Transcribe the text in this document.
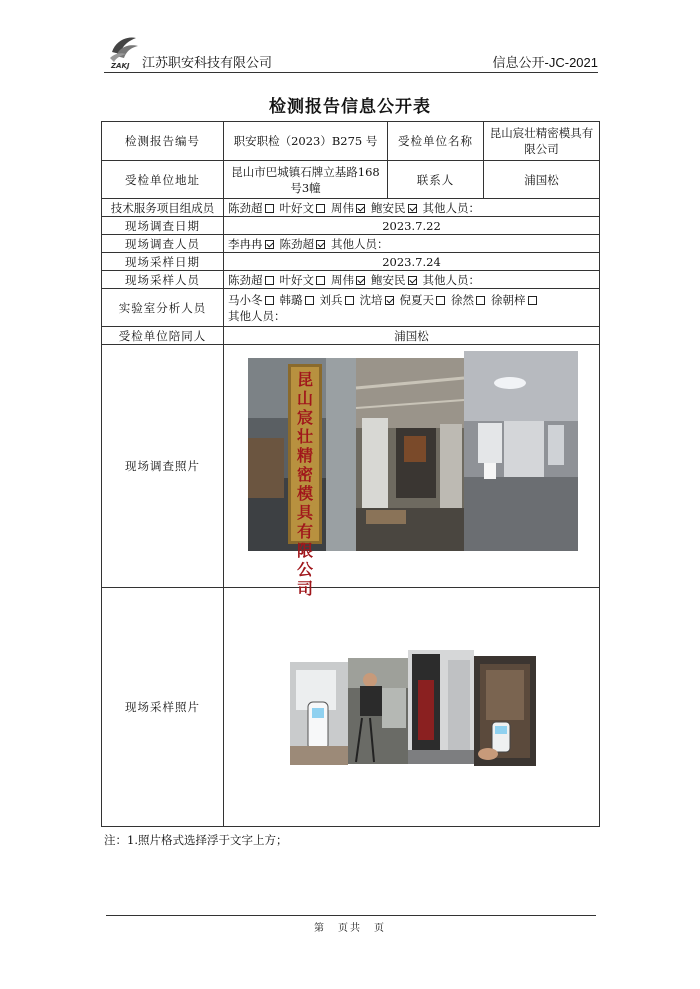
ZAKJ 江苏职安科技有限公司	信息公开-JC-2021
检测报告信息公开表
检测报告编号	职安职检（2023）B275 号	受检单位名称	昆山宸壮精密模具有限公司
受检单位地址	昆山市巴城镇石牌立基路168号3幢	联系人	浦国松
技术服务项目组成员	陈劲超 叶好文 周伟 鲍安民 其他人员：		
现场调查日期	2023.7.22		
现场调查人员	李冉冉 陈劲超 其他人员：		
现场采样日期	2023.7.24		
现场采样人员	陈劲超 叶好文 周伟 鲍安民 其他人员：		
实验室分析人员	马小冬 韩璐 刘兵 沈培 倪夏天 徐然 徐朝梓
其他人员：		
受检单位陪同人	浦国松		
现场调查照片	昆山宸壮精密模具有限公司		

现场采样照片	
注：1.照片格式选择浮于文字上方；
第　页共　页
